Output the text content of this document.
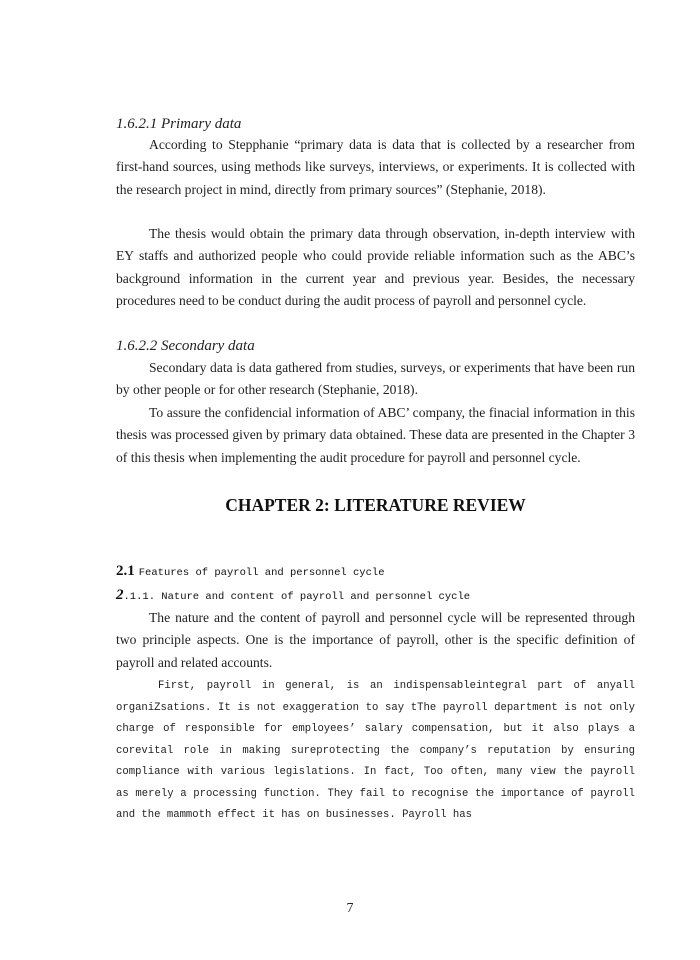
1.6.2.1 Primary data

According to Stepphanie “primary data is data that is collected by a researcher from first-hand sources, using methods like surveys, interviews, or experiments. It is collected with the research project in mind, directly from primary sources” (Stephanie, 2018).

The thesis would obtain the primary data through observation, in-depth interview with EY staffs and authorized people who could provide reliable information such as the ABC’s background information in the current year and previous year. Besides, the necessary procedures need to be conduct during the audit process of payroll and personnel cycle.

1.6.2.2 Secondary data

Secondary data is data gathered from studies, surveys, or experiments that have been run by other people or for other research (Stephanie, 2018).

To assure the confidencial information of ABC’ company, the finacial information in this thesis was processed given by primary data obtained. These data are presented in the Chapter 3 of this thesis when implementing the audit procedure for payroll and personnel cycle.

CHAPTER 2: LITERATURE REVIEW
2.1 Features of payroll and personnel cycle
2.1.1. Nature and content of payroll and personnel cycle

The nature and the content of payroll and personnel cycle will be represented through two principle aspects. One is the importance of payroll, other is the specific definition of payroll and related accounts.

First, payroll in general, is an indispensableintegral part of anyall organiZsations. It is not exaggeration to say tThe payroll department is not only charge of responsible for employees’ salary compensation, but it also plays a corevital role in making sureprotecting the company’s reputation by ensuring compliance with various legislations. In fact, Too often, many view the payroll as merely a processing function. They fail to recognise the importance of payroll and the mammoth effect it has on businesses. Payroll has

7
